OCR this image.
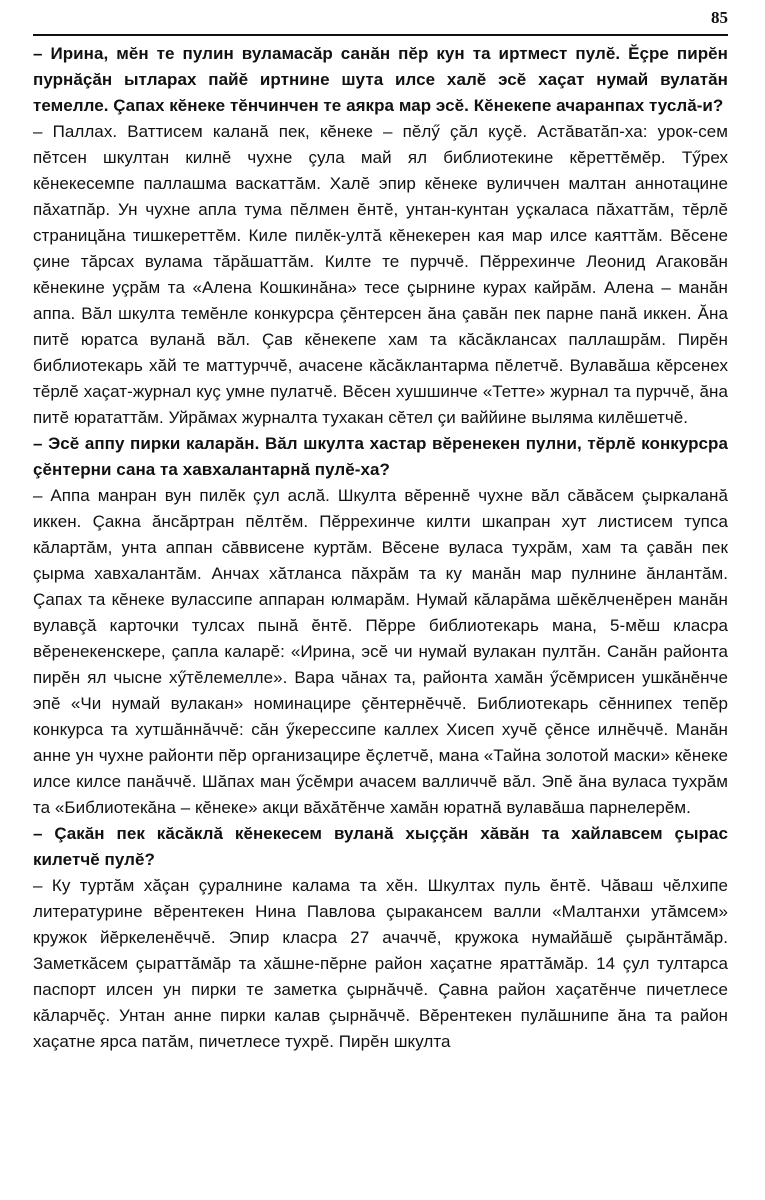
85

– Ирина, мĕн те пулин вуламасăр санăн пĕр кун та иртмест пулĕ. Ĕçре пирĕн пурнăçăн ытларах пайĕ иртнине шута илсе халĕ эсĕ хаçат нумай вулатăн темелле. Çапах кĕнеке тĕнчинчен те аякра мар эсĕ. Кĕнекепе ачаранпах туслă-и?

– Паллах. Ваттисем каланă пек, кĕнеке – пĕлӳ çăл куçĕ. Астăватăп-ха: урок-сем пĕтсен шкултан килнĕ чухне çула май ял библиотекине кĕреттĕмĕр. Тӳрех кĕнекесемпе паллашма васкаттăм. Халĕ эпир кĕнеке вуличчен малтан аннотацине пăхатпăр. Ун чухне апла тума пĕлмен ĕнтĕ, унтан-кунтан уçкаласа пăхаттăм, тĕрлĕ страницăна тишкереттĕм. Киле пилĕк-ултă кĕнекерен кая мар илсе каяттăм. Вĕсене çине тăрсах вулама тăрăшаттăм. Килте те пурччĕ. Пĕррехинче Леонид Агаковăн кĕнекине уçрăм та «Алена Кошкинăна» тесе çырнине курах кайрăм. Алена – манăн аппа. Вăл шкулта темĕнле конкурсра çĕнтерсен ăна çавăн пек парне панă иккен. Ăна питĕ юратса вуланă вăл. Çав кĕнекепе хам та кăсăклансах паллашрăм. Пирĕн библиотекарь хăй те маттурччĕ, ачасене кăсăклантарма пĕлетчĕ. Вулавăша кĕрсенех тĕрлĕ хаçат-журнал куç умне пулатчĕ. Вĕсен хушшинче «Тетте» журнал та пурччĕ, ăна питĕ юрататтăм. Уйрăмах журналта тухакан сĕтел çи ваййине выляма килĕшетчĕ.

– Эсĕ аппу пирки каларăн. Вăл шкулта хастар вĕренекен пулни, тĕрлĕ конкурсра çĕнтерни сана та хавхалантарнă пулĕ-ха?

– Аппа манран вун пилĕк çул аслă. Шкулта вĕреннĕ чухне вăл сăвăсем çыркаланă иккен. Çакна ăнсăртран пĕлтĕм. Пĕррехинче килти шкапран хут листисем тупса кăлартăм, унта аппан сăввисене куртăм. Вĕсене вуласа тухрăм, хам та çавăн пек çырма хавхалантăм. Анчах хăтланса пăхрăм та ку манăн мар пулнине ăнлантăм. Çапах та кĕнеке вулассипе аппаран юлмарăм. Нумай кăларăма шĕкĕлченĕрен манăн вулавçă карточки тулсах пынă ĕнтĕ. Пĕрре библиотекарь мана, 5-мĕш класра вĕренекенскере, çапла каларĕ: «Ирина, эсĕ чи нумай вулакан пултăн. Санăн районта пирĕн ял чысне хӳтĕлемелле». Вара чăнах та, районта хамăн ӳсĕмрисен ушкăнĕнче эпĕ «Чи нумай вулакан» номинацире çĕнтернĕччĕ. Библиотекарь сĕннипех тепĕр конкурса та хутшăннăччĕ: сăн ӳкерессипе каллех Хисеп хучĕ çĕнсе илнĕччĕ. Манăн анне ун чухне районти пĕр организацире ĕçлетчĕ, мана «Тайна золотой маски» кĕнеке илсе килсе панăччĕ. Шăпах ман ӳсĕмри ачасем валличчĕ вăл. Эпĕ ăна вуласа тухрăм та «Библиотекăна – кĕнеке» акци вăхăтĕнче хамăн юратнă вулавăша парнелерĕм.

– Çакăн пек кăсăклă кĕнекесем вуланă хыççăн хăвăн та хайлавсем çырас килетчĕ пулĕ?

– Ку туртăм хăçан çуралнине калама та хĕн. Шкултах пуль ĕнтĕ. Чăваш чĕлхипе литературине вĕрентекен Нина Павлова çыракансем валли «Малтанхи утăмсем» кружок йĕркеленĕччĕ. Эпир класра 27 ачаччĕ, кружока нумайăшĕ çырăнтăмăр. Заметкăсем çыраттăмăр та хăшне-пĕрне район хаçатне яраттăмăр. 14 çул тултарса паспорт илсен ун пирки те заметка çырнăччĕ. Çавна район хаçатĕнче пичетлесе кăларчĕç. Унтан анне пирки калав çырнăччĕ. Вĕрентекен пулăшнипе ăна та район хаçатне ярса патăм, пичетлесе тухрĕ. Пирĕн шкулта
